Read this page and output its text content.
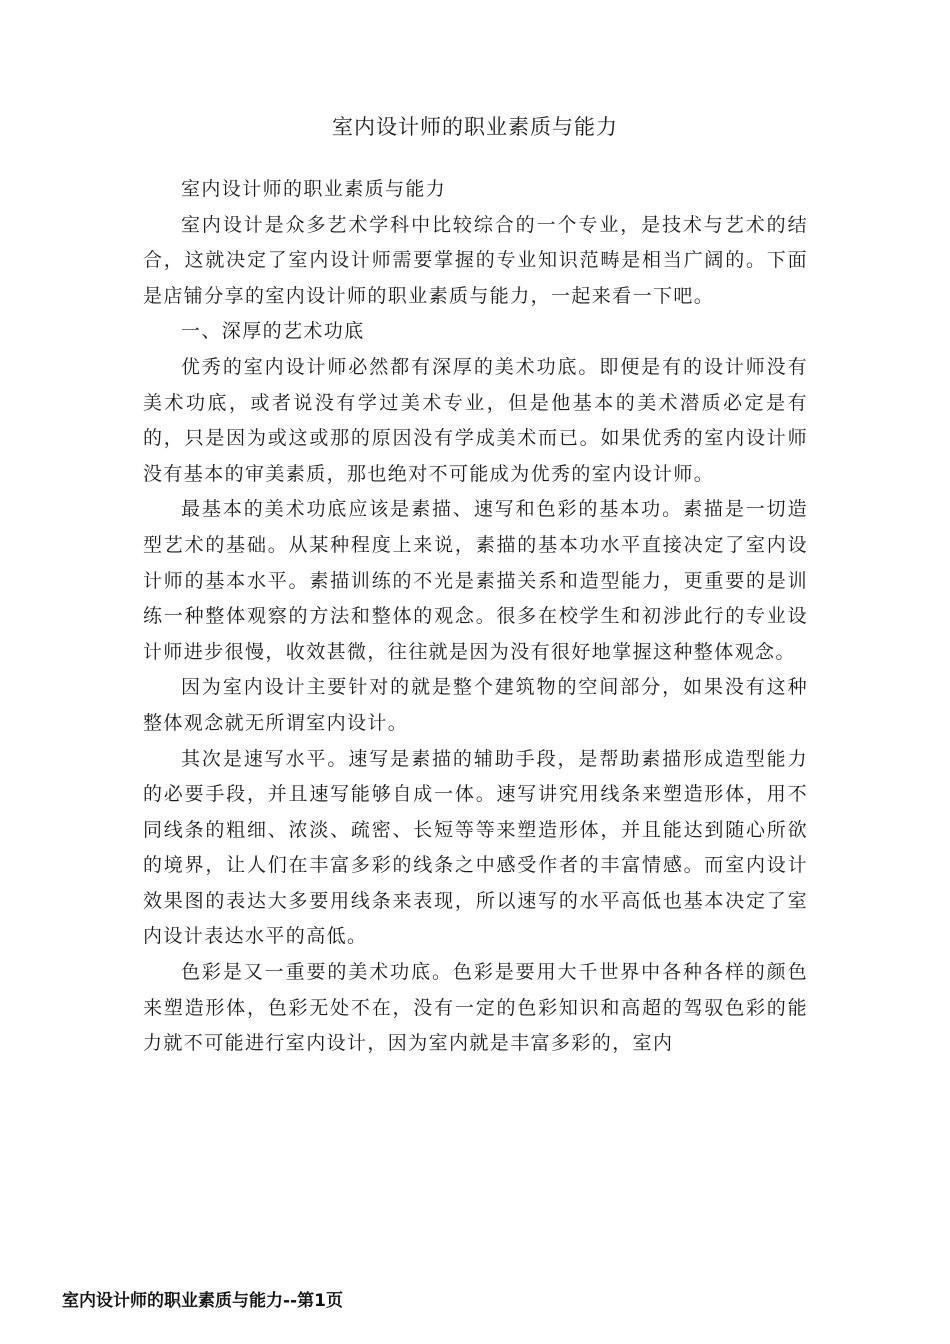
室内设计师的职业素质与能力

室内设计师的职业素质与能力

室内设计是众多艺术学科中比较综合的一个专业，是技术与艺术的结合，这就决定了室内设计师需要掌握的专业知识范畴是相当广阔的。下面是店铺分享的室内设计师的职业素质与能力，一起来看一下吧。

一、深厚的艺术功底

优秀的室内设计师必然都有深厚的美术功底。即便是有的设计师没有美术功底，或者说没有学过美术专业，但是他基本的美术潜质必定是有的，只是因为或这或那的原因没有学成美术而已。如果优秀的室内设计师没有基本的审美素质，那也绝对不可能成为优秀的室内设计师。

最基本的美术功底应该是素描、速写和色彩的基本功。素描是一切造型艺术的基础。从某种程度上来说，素描的基本功水平直接决定了室内设计师的基本水平。素描训练的不光是素描关系和造型能力，更重要的是训练一种整体观察的方法和整体的观念。很多在校学生和初涉此行的专业设计师进步很慢，收效甚微，往往就是因为没有很好地掌握这种整体观念。

因为室内设计主要针对的就是整个建筑物的空间部分，如果没有这种整体观念就无所谓室内设计。

其次是速写水平。速写是素描的辅助手段，是帮助素描形成造型能力的必要手段，并且速写能够自成一体。速写讲究用线条来塑造形体，用不同线条的粗细、浓淡、疏密、长短等等来塑造形体，并且能达到随心所欲的境界，让人们在丰富多彩的线条之中感受作者的丰富情感。而室内设计效果图的表达大多要用线条来表现，所以速写的水平高低也基本决定了室内设计表达水平的高低。

色彩是又一重要的美术功底。色彩是要用大千世界中各种各样的颜色来塑造形体，色彩无处不在，没有一定的色彩知识和高超的驾驭色彩的能力就不可能进行室内设计，因为室内就是丰富多彩的，室内

室内设计师的职业素质与能力--第1页
